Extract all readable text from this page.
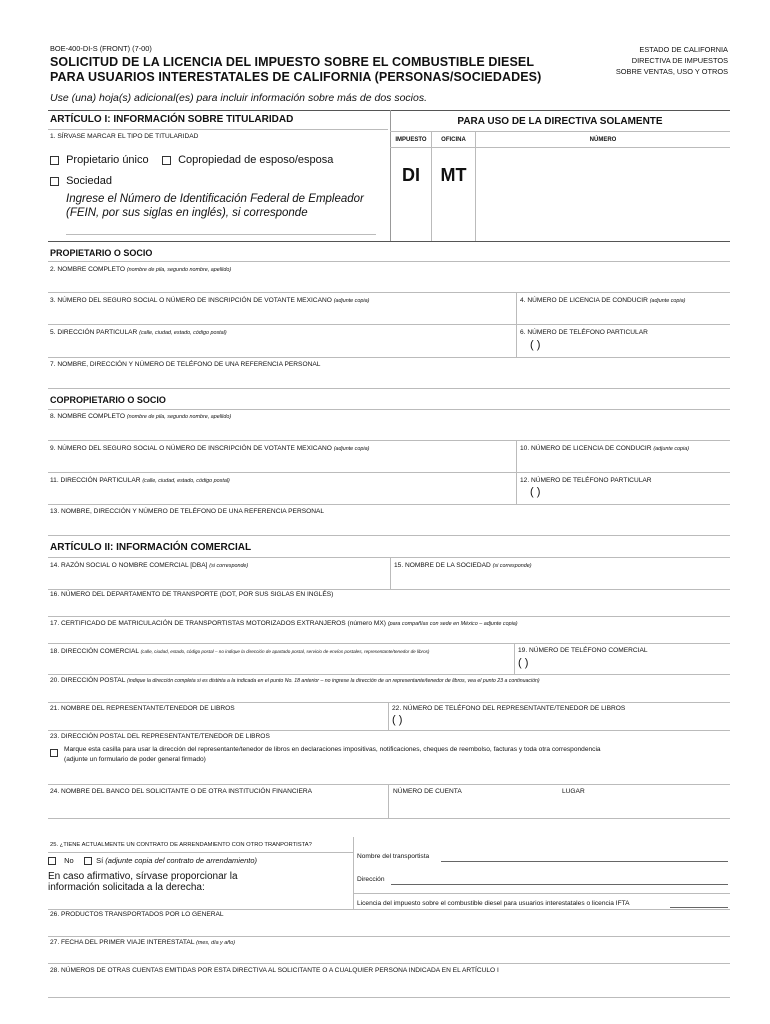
BOE-400-DI-S (FRONT) (7-00)
SOLICITUD DE LA LICENCIA DEL IMPUESTO SOBRE EL COMBUSTIBLE DIESEL
PARA USUARIOS INTERESTATALES DE CALIFORNIA (PERSONAS/SOCIEDADES)
Use (una) hoja(s) adicional(es) para incluir información sobre más de dos socios.
ESTADO DE CALIFORNIA
DIRECTIVA DE IMPUESTOS
SOBRE VENTAS, USO Y OTROS
ARTÍCULO I: INFORMACIÓN SOBRE TITULARIDAD
1. SÍRVASE MARCAR EL TIPO DE TITULARIDAD
Propietario único	Copropiedad de esposo/esposa
Sociedad
Ingrese el Número de Identificación Federal de Empleador
(FEIN, por sus siglas en inglés), si corresponde
PARA USO DE LA DIRECTIVA SOLAMENTE
IMPUESTO	OFICINA	NÚMERO
DI	MT
PROPIETARIO O SOCIO
2. NOMBRE COMPLETO (nombre de pila, segundo nombre, apellido)
3. NÚMERO DEL SEGURO SOCIAL O NÚMERO DE INSCRIPCIÓN DE VOTANTE MEXICANO (adjunte copia)	4. NÚMERO DE LICENCIA DE CONDUCIR (adjunte copia)
5. DIRECCIÓN PARTICULAR (calle, ciudad, estado, código postal)	6. NÚMERO DE TELÉFONO PARTICULAR
( )
7. NOMBRE, DIRECCIÓN Y NÚMERO DE TELÉFONO DE UNA REFERENCIA PERSONAL
COPROPIETARIO O SOCIO
8. NOMBRE COMPLETO (nombre de pila, segundo nombre, apellido)
9. NÚMERO DEL SEGURO SOCIAL O NÚMERO DE INSCRIPCIÓN DE VOTANTE MEXICANO (adjunte copia)	10. NÚMERO DE LICENCIA DE CONDUCIR (adjunte copia)
11. DIRECCIÓN PARTICULAR (calle, ciudad, estado, código postal)	12. NÚMERO DE TELÉFONO PARTICULAR
( )
13. NOMBRE, DIRECCIÓN Y NÚMERO DE TELÉFONO DE UNA REFERENCIA PERSONAL
ARTÍCULO II: INFORMACIÓN COMERCIAL
14. RAZÓN SOCIAL O NOMBRE COMERCIAL [DBA] (si corresponde)	15. NOMBRE DE LA SOCIEDAD (si corresponde)
16. NÚMERO DEL DEPARTAMENTO DE TRANSPORTE (DOT, POR SUS SIGLAS EN INGLÉS)
17. CERTIFICADO DE MATRICULACIÓN DE TRANSPORTISTAS MOTORIZADOS EXTRANJEROS (número MX) (para compañías con sede en México – adjunte copia)
18. DIRECCIÓN COMERCIAL (calle, ciudad, estado, código postal – no indique la dirección de apartado postal, servicio de envíos postales, representante/tenedor de libros)	19. NÚMERO DE TELÉFONO COMERCIAL
( )
20. DIRECCIÓN POSTAL (indique la dirección completa si es distinta a la indicada en el punto No. 18 anterior – no ingrese la dirección de un representante/tenedor de libros, vea el punto 23 a continuación)
21. NOMBRE DEL REPRESENTANTE/TENEDOR DE LIBROS	22. NÚMERO DE TELÉFONO DEL REPRESENTANTE/TENEDOR DE LIBROS
( )
23. DIRECCIÓN POSTAL DEL REPRESENTANTE/TENEDOR DE LIBROS
Marque esta casilla para usar la dirección del representante/tenedor de libros en declaraciones impositivas, notificaciones, cheques de reembolso, facturas y toda otra correspondencia
(adjunte un formulario de poder general firmado)
24. NOMBRE DEL BANCO DEL SOLICITANTE O DE OTRA INSTITUCIÓN FINANCIERA	NÚMERO DE CUENTA	LUGAR
25. ¿TIENE ACTUALMENTE UN CONTRATO DE ARRENDAMIENTO CON OTRO TRANPORTISTA?
No	Sí (adjunte copia del contrato de arrendamiento)
En caso afirmativo, sírvase proporcionar la
información solicitada a la derecha:
Nombre del transportista
Dirección
Licencia del impuesto sobre el combustible diesel para usuarios interestatales o licencia IFTA
26. PRODUCTOS TRANSPORTADOS POR LO GENERAL
27. FECHA DEL PRIMER VIAJE INTERESTATAL (mes, día y año)
28. NÚMEROS DE OTRAS CUENTAS EMITIDAS POR ESTA DIRECTIVA AL SOLICITANTE O A CUALQUIER PERSONA INDICADA EN EL ARTÍCULO I
